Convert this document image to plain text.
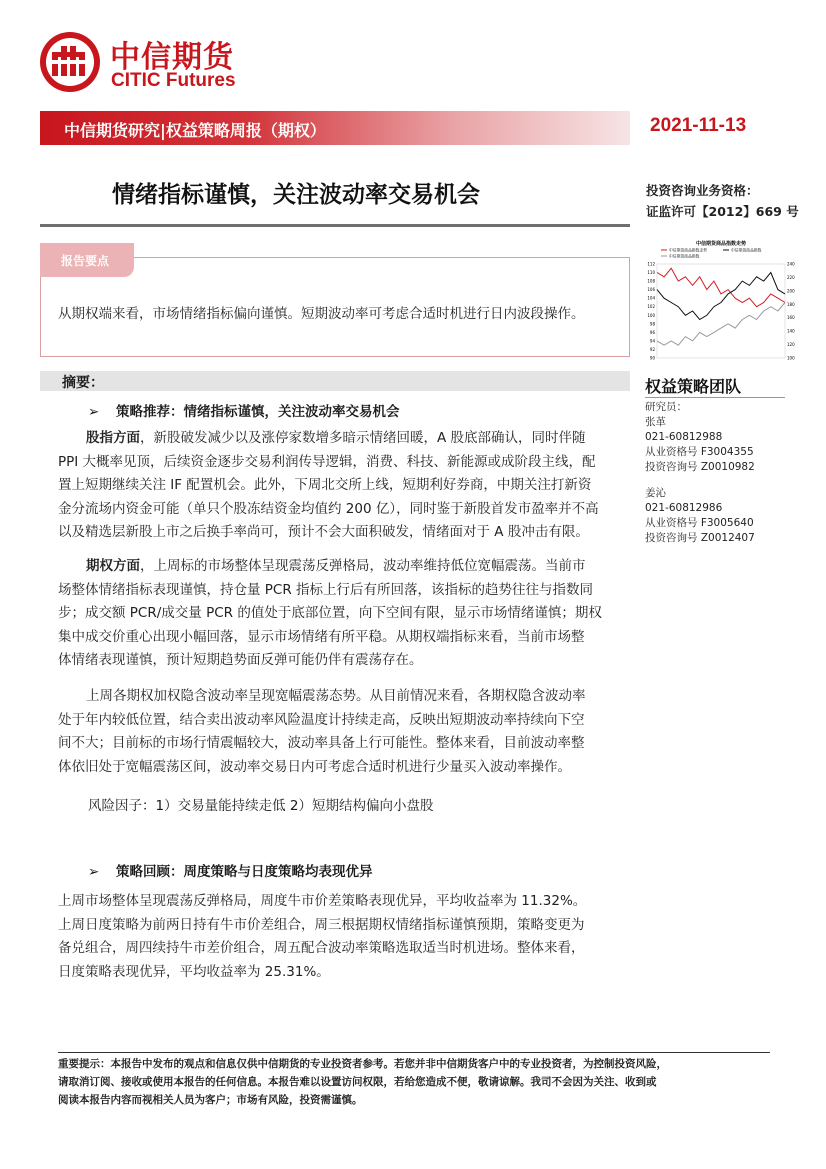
中信期货
CITIC Futures
中信期货研究|权益策略周报（期权）	2021-11-13
情绪指标谨慎，关注波动率交易机会	投资咨询业务资格：
证监许可【2012】669 号
报告要点
从期权端来看，市场情绪指标偏向谨慎。短期波动率可考虑合适时机进行日内波段操作。
中信期货商品指数走势
中信期货商品指数走势	中信期货商品指数
中信期货商品指数
112
110
108
106
104
102
100
98
96
94
92
90
240
220
200
180
160
140
120
100
摘要：	权益策略团队
研究员：
张革
021-60812988
从业资格号 F3004355
投资咨询号 Z0010982
姜沁
021-60812986
从业资格号 F3005640
投资咨询号 Z0012407
➢ 策略推荐：情绪指标谨慎，关注波动率交易机会
股指方面，新股破发减少以及涨停家数增多暗示情绪回暖，A 股底部确认，同时伴随
PPI 大概率见顶，后续资金逐步交易利润传导逻辑，消费、科技、新能源或成阶段主线，配
置上短期继续关注 IF 配置机会。此外，下周北交所上线，短期利好券商，中期关注打新资
金分流场内资金可能（单只个股冻结资金均值约 200 亿），同时鉴于新股首发市盈率并不高
以及精选层新股上市之后换手率尚可，预计不会大面积破发，情绪面对于 A 股冲击有限。
期权方面，上周标的市场整体呈现震荡反弹格局，波动率维持低位宽幅震荡。当前市
场整体情绪指标表现谨慎，持仓量 PCR 指标上行后有所回落，该指标的趋势往往与指数同
步；成交额 PCR/成交量 PCR 的值处于底部位置，向下空间有限，显示市场情绪谨慎；期权
集中成交价重心出现小幅回落，显示市场情绪有所平稳。从期权端指标来看，当前市场整
体情绪表现谨慎，预计短期趋势面反弹可能仍伴有震荡存在。
上周各期权加权隐含波动率呈现宽幅震荡态势。从目前情况来看，各期权隐含波动率
处于年内较低位置，结合卖出波动率风险温度计持续走高，反映出短期波动率持续向下空
间不大；目前标的市场行情震幅较大，波动率具备上行可能性。整体来看，目前波动率整
体依旧处于宽幅震荡区间，波动率交易日内可考虑合适时机进行少量买入波动率操作。
风险因子：1）交易量能持续走低 2）短期结构偏向小盘股
➢ 策略回顾：周度策略与日度策略均表现优异
上周市场整体呈现震荡反弹格局，周度牛市价差策略表现优异，平均收益率为 11.32%。
上周日度策略为前两日持有牛市价差组合，周三根据期权情绪指标谨慎预期，策略变更为
备兑组合，周四续持牛市差价组合，周五配合波动率策略选取适当时机进场。整体来看，
日度策略表现优异，平均收益率为 25.31%。
重要提示：本报告中发布的观点和信息仅供中信期货的专业投资者参考。若您并非中信期货客户中的专业投资者，为控制投资风险，
请取消订阅、接收或使用本报告的任何信息。本报告难以设置访问权限，若给您造成不便，敬请谅解。我司不会因为关注、收到或
阅读本报告内容而视相关人员为客户；市场有风险，投资需谨慎。
